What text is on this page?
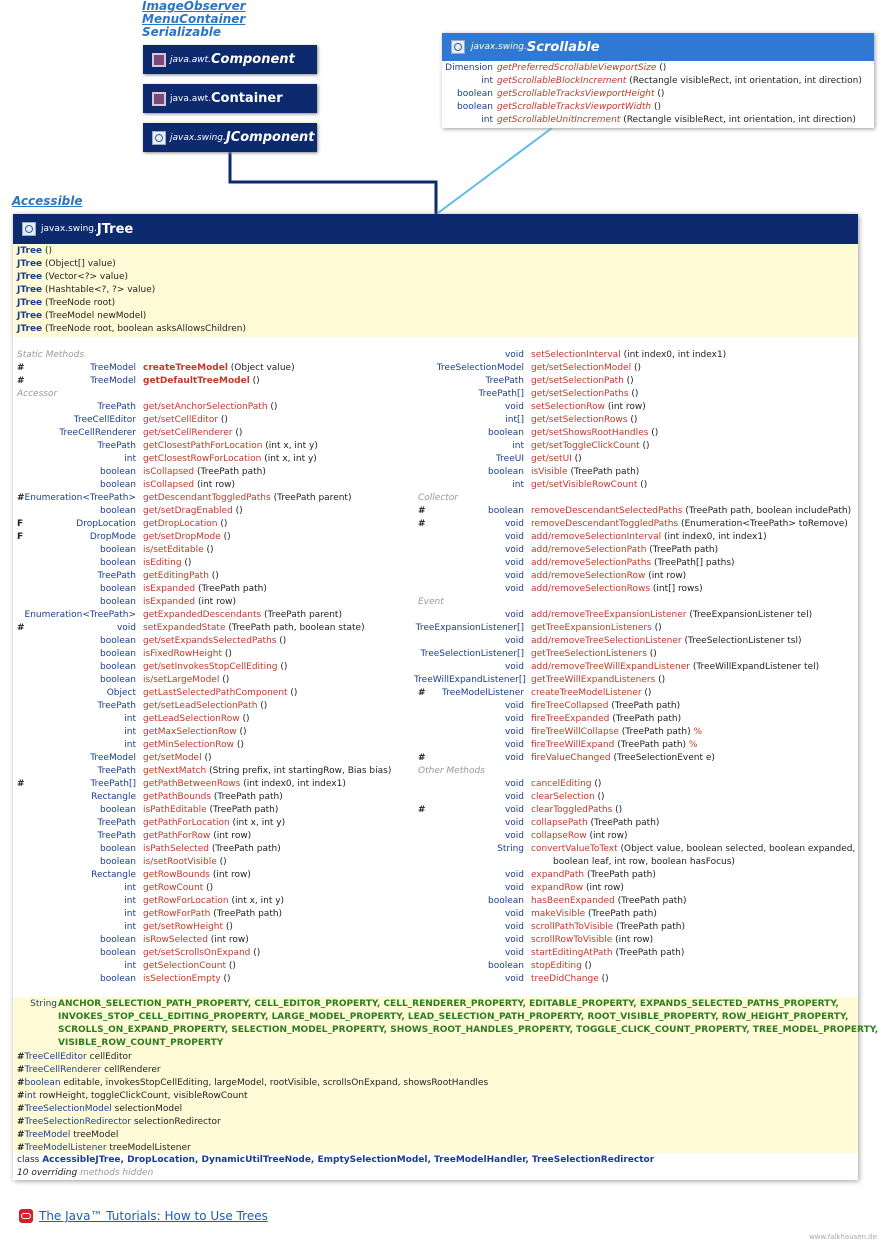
ImageObserver
MenuContainer
Serializable
java.awt. Component
java.awt. Container
javax.swing. JComponent
javax.swing. Scrollable
Dimension getPreferredScrollableViewportSize ()
int getScrollableBlockIncrement (Rectangle visibleRect, int orientation, int direction)
boolean getScrollableTracksViewportHeight ()
boolean getScrollableTracksViewportWidth ()
int getScrollableUnitIncrement (Rectangle visibleRect, int orientation, int direction)
Accessible
javax.swing. JTree
JTree ()
JTree (Object[] value)
JTree (Vector<?> value)
JTree (Hashtable<?, ?> value)
JTree (TreeNode root)
JTree (TreeModel newModel)
JTree (TreeNode root, boolean asksAllowsChildren)
Static Methods
#	TreeModel createTreeModel (Object value)
#	TreeModel getDefaultTreeModel ()
Accessor
TreePath get/setAnchorSelectionPath ()
TreeCellEditor get/setCellEditor ()
TreeCellRenderer get/setCellRenderer ()
TreePath getClosestPathForLocation (int x, int y)
int getClosestRowForLocation (int x, int y)
boolean isCollapsed (TreePath path)
boolean isCollapsed (int row)
# Enumeration<TreePath> getDescendantToggledPaths (TreePath parent)
boolean get/setDragEnabled ()
F	DropLocation getDropLocation ()
F	DropMode get/setDropMode ()
boolean is/setEditable ()
boolean isEditing ()
TreePath getEditingPath ()
boolean isExpanded (TreePath path)
boolean isExpanded (int row)
Enumeration<TreePath> getExpandedDescendants (TreePath parent)
#	void setExpandedState (TreePath path, boolean state)
boolean get/setExpandsSelectedPaths ()
boolean isFixedRowHeight ()
boolean get/setInvokesStopCellEditing ()
boolean is/setLargeModel ()
Object getLastSelectedPathComponent ()
TreePath get/setLeadSelectionPath ()
int getLeadSelectionRow ()
int getMaxSelectionRow ()
int getMinSelectionRow ()
TreeModel get/setModel ()
TreePath getNextMatch (String prefix, int startingRow, Bias bias)
#	TreePath[] getPathBetweenRows (int index0, int index1)
Rectangle getPathBounds (TreePath path)
boolean isPathEditable (TreePath path)
TreePath getPathForLocation (int x, int y)
TreePath getPathForRow (int row)
boolean isPathSelected (TreePath path)
boolean is/setRootVisible ()
Rectangle getRowBounds (int row)
int getRowCount ()
int getRowForLocation (int x, int y)
int getRowForPath (TreePath path)
int get/setRowHeight ()
boolean isRowSelected (int row)
boolean get/setScrollsOnExpand ()
int getSelectionCount ()
boolean isSelectionEmpty ()
void setSelectionInterval (int index0, int index1)
TreeSelectionModel get/setSelectionModel ()
TreePath get/setSelectionPath ()
TreePath[] get/setSelectionPaths ()
void setSelectionRow (int row)
int[] get/setSelectionRows ()
boolean get/setShowsRootHandles ()
int get/setToggleClickCount ()
TreeUI get/setUI ()
boolean isVisible (TreePath path)
int get/setVisibleRowCount ()
Collector
#	boolean removeDescendantSelectedPaths (TreePath path, boolean includePath)
#	void removeDescendantToggledPaths (Enumeration<TreePath> toRemove)
void add/removeSelectionInterval (int index0, int index1)
void add/removeSelectionPath (TreePath path)
void add/removeSelectionPaths (TreePath[] paths)
void add/removeSelectionRow (int row)
void add/removeSelectionRows (int[] rows)
Event
void add/removeTreeExpansionListener (TreeExpansionListener tel)
TreeExpansionListener[] getTreeExpansionListeners ()
void add/removeTreeSelectionListener (TreeSelectionListener tsl)
TreeSelectionListener[] getTreeSelectionListeners ()
void add/removeTreeWillExpandListener (TreeWillExpandListener tel)
TreeWillExpandListener[] getTreeWillExpandListeners ()
#	TreeModelListener createTreeModelListener ()
void fireTreeCollapsed (TreePath path)
void fireTreeExpanded (TreePath path)
void fireTreeWillCollapse (TreePath path) %
void fireTreeWillExpand (TreePath path) %
#	void fireValueChanged (TreeSelectionEvent e)
Other Methods
void cancelEditing ()
void clearSelection ()
#	void clearToggledPaths ()
void collapsePath (TreePath path)
void collapseRow (int row)
String convertValueToText (Object value, boolean selected, boolean expanded,
boolean leaf, int row, boolean hasFocus)
void expandPath (TreePath path)
void expandRow (int row)
boolean hasBeenExpanded (TreePath path)
void makeVisible (TreePath path)
void scrollPathToVisible (TreePath path)
void scrollRowToVisible (int row)
void startEditingAtPath (TreePath path)
boolean stopEditing ()
void treeDidChange ()
String ANCHOR_SELECTION_PATH_PROPERTY, CELL_EDITOR_PROPERTY, CELL_RENDERER_PROPERTY, EDITABLE_PROPERTY, EXPANDS_SELECTED_PATHS_PROPERTY,
INVOKES_STOP_CELL_EDITING_PROPERTY, LARGE_MODEL_PROPERTY, LEAD_SELECTION_PATH_PROPERTY, ROOT_VISIBLE_PROPERTY, ROW_HEIGHT_PROPERTY,
SCROLLS_ON_EXPAND_PROPERTY, SELECTION_MODEL_PROPERTY, SHOWS_ROOT_HANDLES_PROPERTY, TOGGLE_CLICK_COUNT_PROPERTY, TREE_MODEL_PROPERTY,
VISIBLE_ROW_COUNT_PROPERTY
#TreeCellEditor cellEditor
#TreeCellRenderer cellRenderer
#boolean editable, invokesStopCellEditing, largeModel, rootVisible, scrollsOnExpand, showsRootHandles
#int rowHeight, toggleClickCount, visibleRowCount
#TreeSelectionModel selectionModel
#TreeSelectionRedirector selectionRedirector
#TreeModel treeModel
#TreeModelListener treeModelListener
class AccessibleJTree, DropLocation, DynamicUtilTreeNode, EmptySelectionModel, TreeModelHandler, TreeSelectionRedirector
10 overriding methods hidden
The Java™ Tutorials: How to Use Trees
www.falkhausen.de
